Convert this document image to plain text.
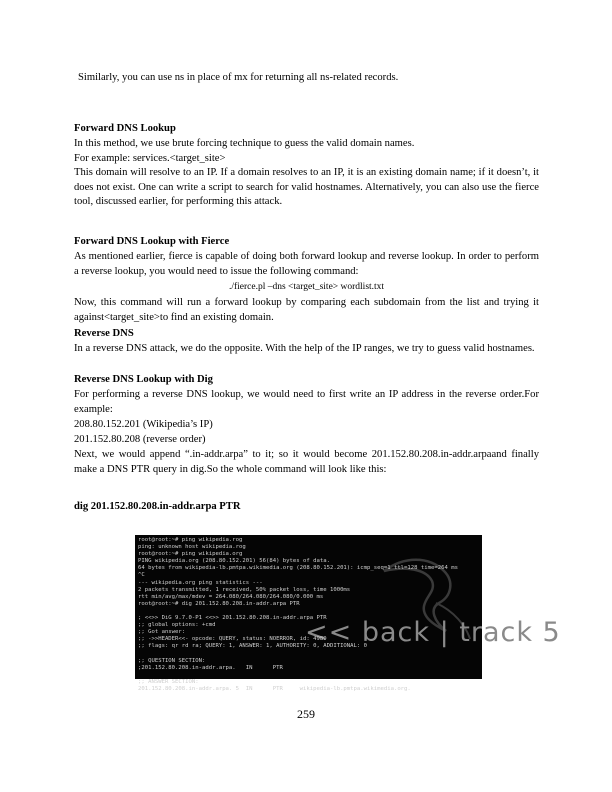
Similarly, you can use ns in place of mx for returning all ns-related records.

Forward DNS Lookup

In this method, we use brute forcing technique to guess the valid domain names.

For example: services.<target_site>

This domain will resolve to an IP. If a domain resolves to an IP, it is an existing domain name; if it doesn’t, it does not exist. One can write a script to search for valid hostnames. Alternatively, you can also use the fierce tool, discussed earlier, for performing this attack.

Forward DNS Lookup with Fierce

As mentioned earlier, fierce is capable of doing both forward lookup and reverse lookup. In order to perform a reverse lookup, you would need to issue the following command:

./fierce.pl –dns <target_site> wordlist.txt

Now, this command will run a forward lookup by comparing each subdomain from the list and trying it against<target_site>to find an existing domain.

Reverse DNS

In a reverse DNS attack, we do the opposite. With the help of the IP ranges, we try to guess valid hostnames.

Reverse DNS Lookup with Dig

For performing a reverse DNS lookup, we would need to first write an IP address in the reverse order.For example:

208.80.152.201 (Wikipedia’s IP)

201.152.80.208 (reverse order)

Next, we would append “.in-addr.arpa” to it; so it would become 201.152.80.208.in-addr.arpaand finally make a DNS PTR query in dig.So the whole command will look like this:

dig 201.152.80.208.in-addr.arpa PTR

<< back | track 5
root@root:~# ping wikipedia.rog
ping: unknown host wikipedia.rog
root@root:~# ping wikipedia.org
PING wikipedia.org (208.80.152.201) 56(84) bytes of data.
64 bytes from wikipedia-lb.pmtpa.wikimedia.org (208.80.152.201): icmp_seq=1 ttl=128 time=264 ms
^C
--- wikipedia.org ping statistics ---
2 packets transmitted, 1 received, 50% packet loss, time 1000ms
rtt min/avg/max/mdev = 264.080/264.080/264.080/0.000 ms
root@root:~# dig 201.152.80.208.in-addr.arpa PTR

; <<>> DiG 9.7.0-P1 <<>> 201.152.80.208.in-addr.arpa PTR
;; global options: +cmd
;; Got answer:
;; ->>HEADER<<- opcode: QUERY, status: NOERROR, id: 4989
;; flags: qr rd ra; QUERY: 1, ANSWER: 1, AUTHORITY: 0, ADDITIONAL: 0

;; QUESTION SECTION:
;201.152.80.208.in-addr.arpa.   IN      PTR

;; ANSWER SECTION:
201.152.80.208.in-addr.arpa. 5  IN      PTR     wikipedia-lb.pmtpa.wikimedia.org.
259
